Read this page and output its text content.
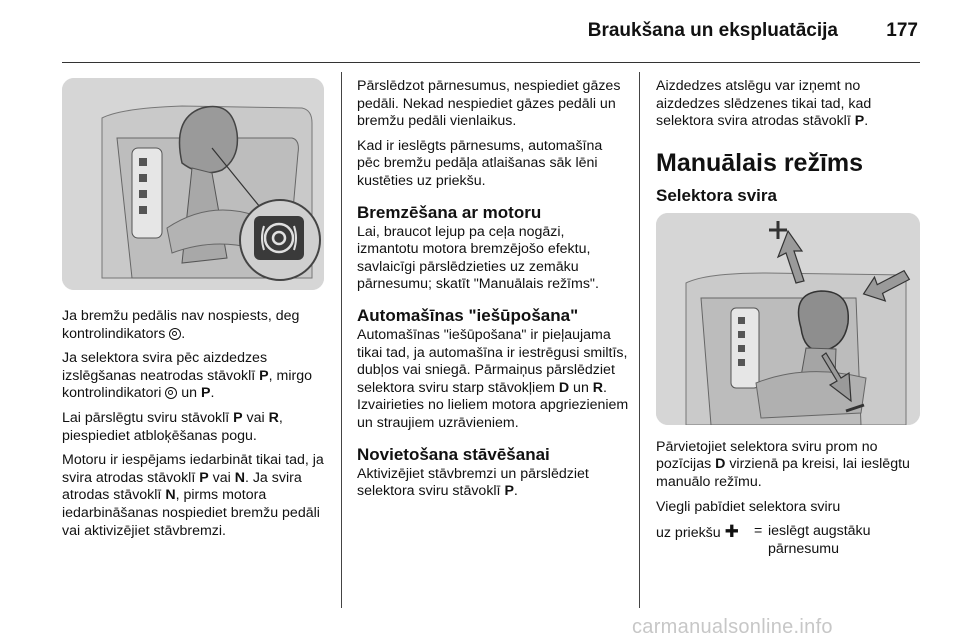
Braukšana un ekspluatācija	177

Ja bremžu pedālis nav nospiests, deg kontrolindikators .

Ja selektora svira pēc aizdedzes izslēgšanas neatrodas stāvoklī P, mirgo kontrolindikatori  un P.

Lai pārslēgtu sviru stāvoklī P vai R, piespiediet atbloķēšanas pogu.

Motoru ir iespējams iedarbināt tikai tad, ja svira atrodas stāvoklī P vai N. Ja svira atrodas stāvoklī N, pirms motora iedarbināšanas nospiediet bremžu pedāli vai aktivizējiet stāvbremzi.

Pārslēdzot pārnesumus, nespiediet gāzes pedāli. Nekad nespiediet gāzes pedāli un bremžu pedāli vienlaikus.

Kad ir ieslēgts pārnesums, automašīna pēc bremžu pedāļa atlaišanas sāk lēni kustēties uz priekšu.

Bremzēšana ar motoru

Lai, braucot lejup pa ceļa nogāzi, izmantotu motora bremzējošo efektu, savlaicīgi pārslēdzieties uz zemāku pārnesumu; skatīt "Manuālais režīms".

Automašīnas "iešūpošana"

Automašīnas "iešūpošana" ir pieļaujama tikai tad, ja automašīna ir iestrēgusi smiltīs, dubļos vai sniegā. Pārmaiņus pārslēdziet selektora sviru starp stāvokļiem D un R. Izvairieties no lieliem motora apgriezieniem un straujiem uzrāvieniem.

Novietošana stāvēšanai

Aktivizējiet stāvbremzi un pārslēdziet selektora sviru stāvoklī P.

Aizdedzes atslēgu var izņemt no aizdedzes slēdzenes tikai tad, kad selektora svira atrodas stāvoklī P.

Manuālais režīms
Selektora svira

Pārvietojiet selektora sviru prom no pozīcijas D virzienā pa kreisi, lai ieslēgtu manuālo režīmu.

Viegli pabīdiet selektora sviru

uz priekšu ✚	= ieslēgt augstāku pārnesumu
carmanualsonline.info
